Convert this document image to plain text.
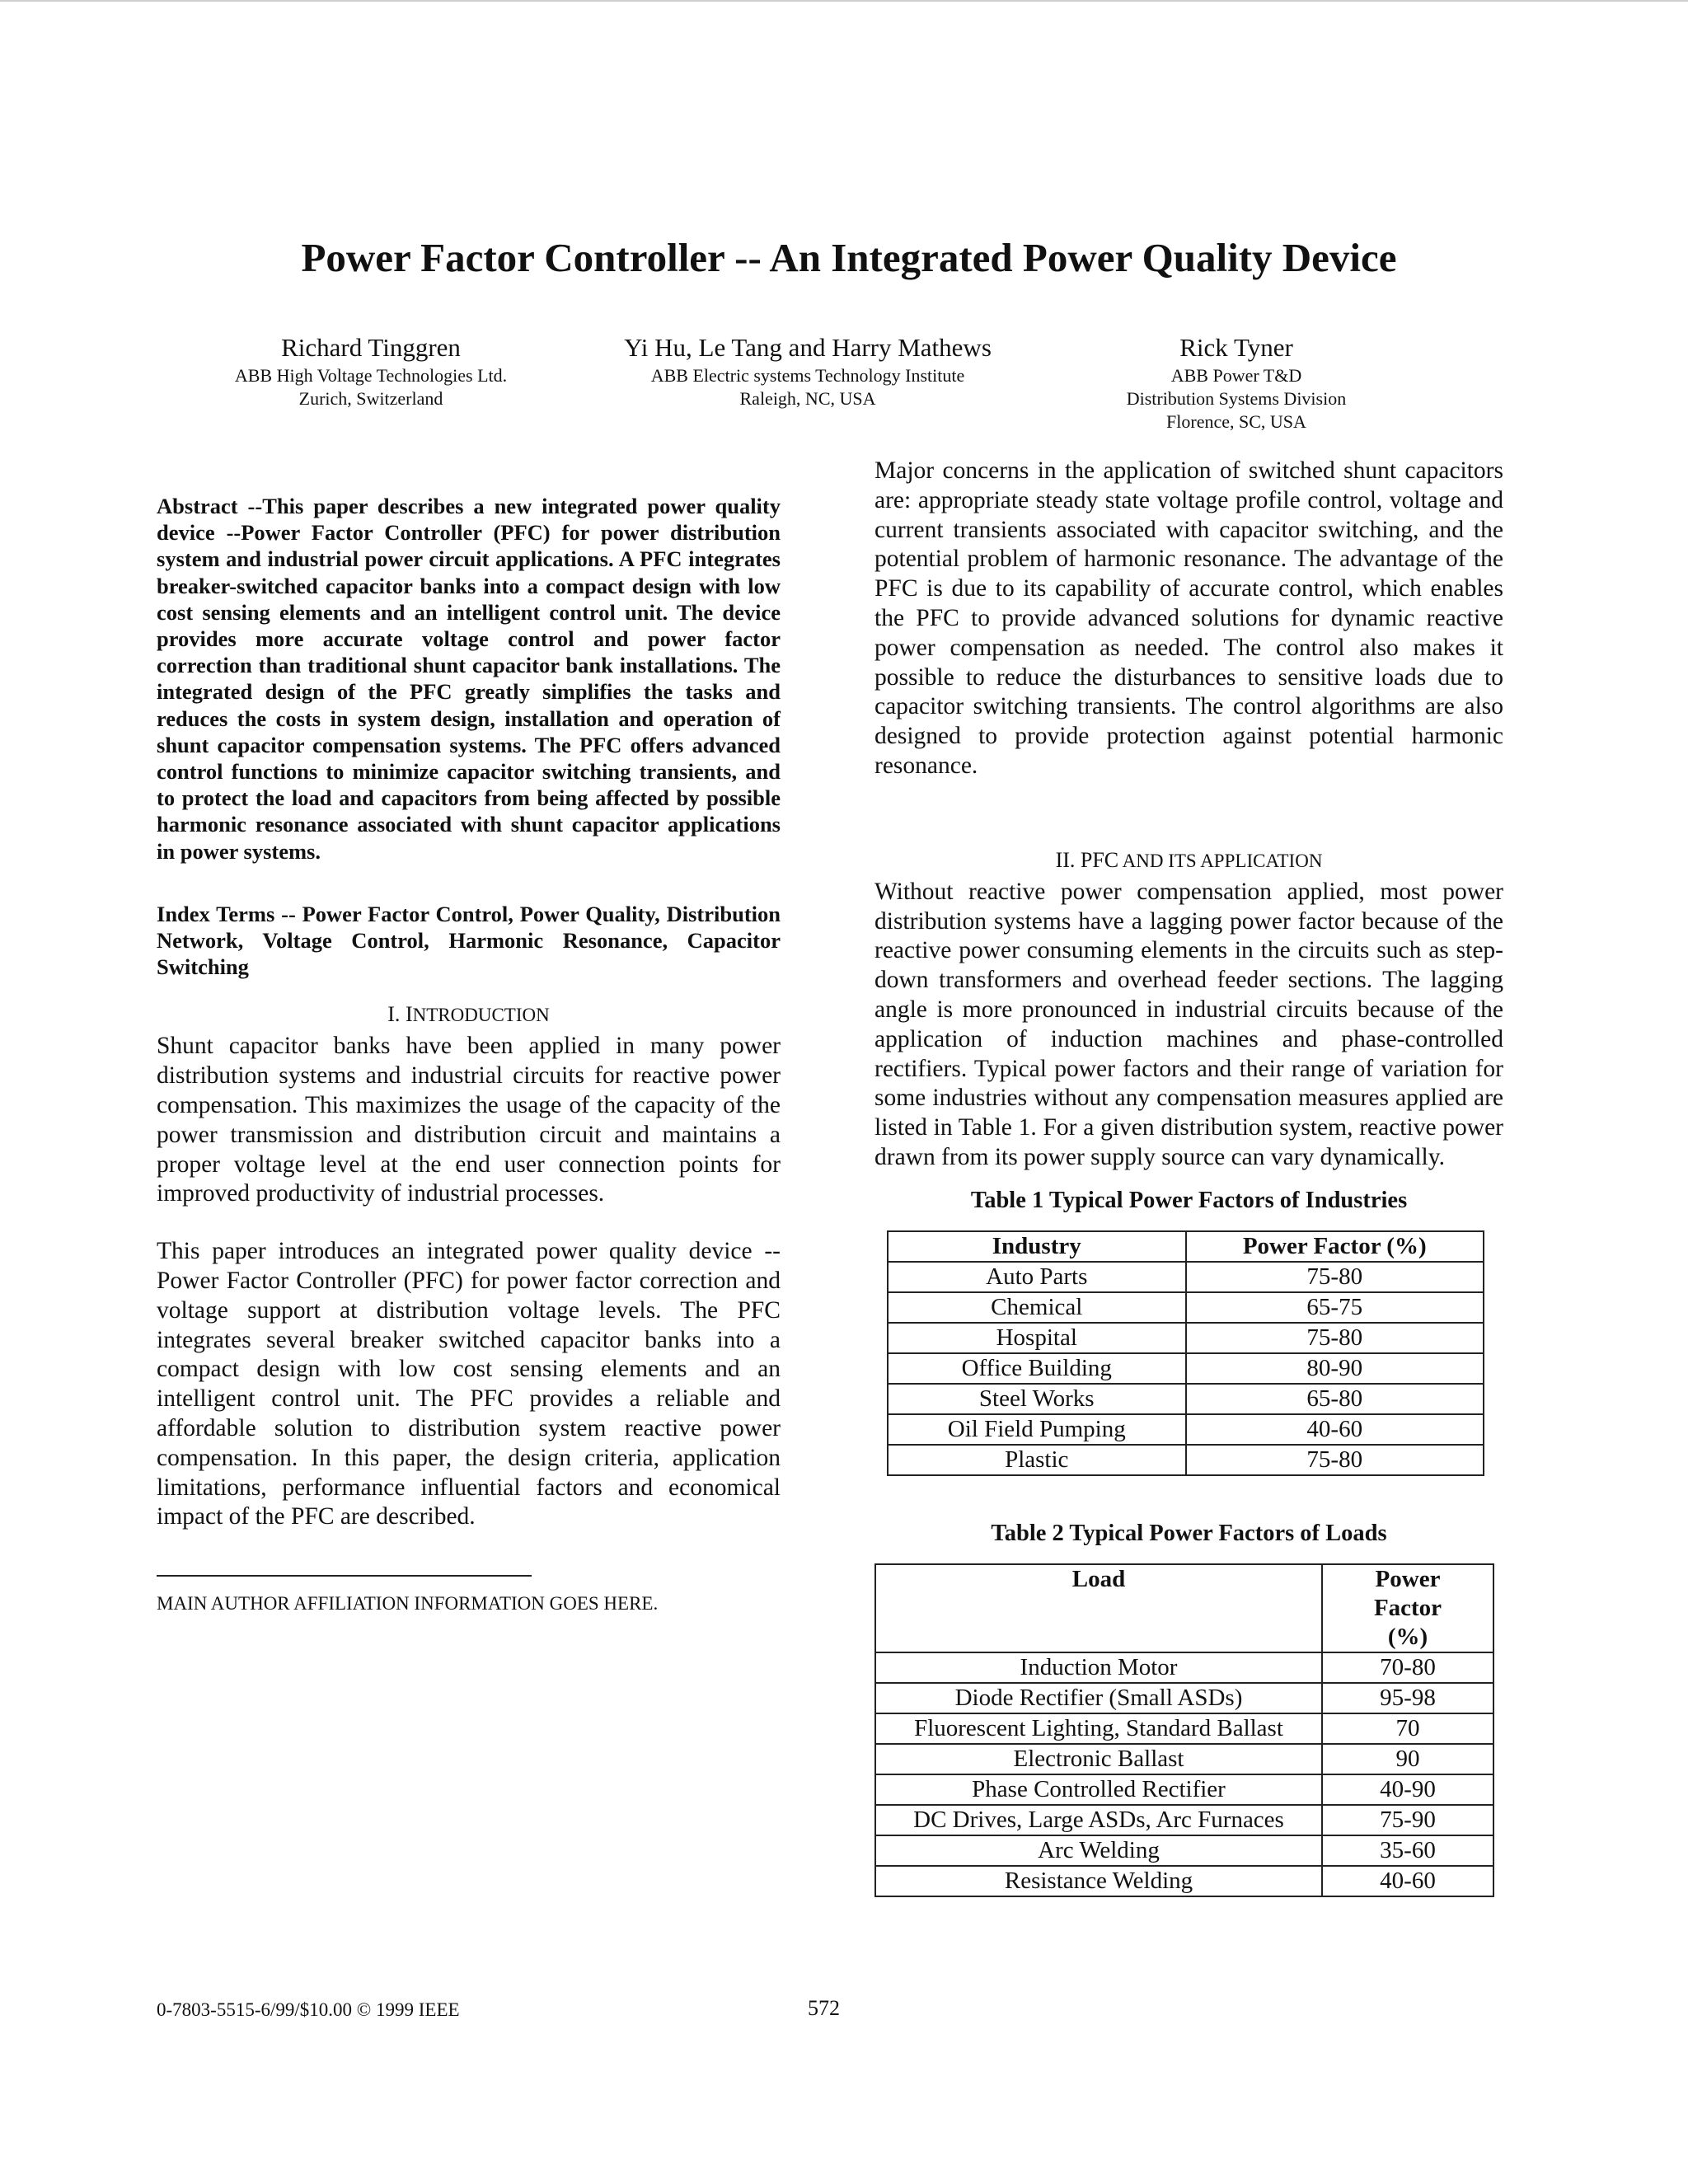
Power Factor Controller -- An Integrated Power Quality Device
Richard Tinggren
ABB High Voltage Technologies Ltd.
Zurich, Switzerland
Yi Hu, Le Tang and Harry Mathews
ABB Electric systems Technology Institute
Raleigh, NC, USA
Rick Tyner
ABB Power T&D
Distribution Systems Division
Florence, SC, USA

Abstract --This paper describes a new integrated power quality device --Power Factor Controller (PFC) for power distribution system and industrial power circuit applications. A PFC integrates breaker-switched capacitor banks into a compact design with low cost sensing elements and an intelligent control unit. The device provides more accurate voltage control and power factor correction than traditional shunt capacitor bank installations. The integrated design of the PFC greatly simplifies the tasks and reduces the costs in system design, installation and operation of shunt capacitor compensation systems. The PFC offers advanced control functions to minimize capacitor switching transients, and to protect the load and capacitors from being affected by possible harmonic resonance associated with shunt capacitor applications in power systems.

Index Terms -- Power Factor Control, Power Quality, Distribution Network, Voltage Control, Harmonic Resonance, Capacitor Switching

I. INTRODUCTION

Shunt capacitor banks have been applied in many power distribution systems and industrial circuits for reactive power compensation. This maximizes the usage of the capacity of the power transmission and distribution circuit and maintains a proper voltage level at the end user connection points for improved productivity of industrial processes.

This paper introduces an integrated power quality device -- Power Factor Controller (PFC) for power factor correction and voltage support at distribution voltage levels. The PFC integrates several breaker switched capacitor banks into a compact design with low cost sensing elements and an intelligent control unit. The PFC provides a reliable and affordable solution to distribution system reactive power compensation. In this paper, the design criteria, application limitations, performance influential factors and economical impact of the PFC are described.

MAIN AUTHOR AFFILIATION INFORMATION GOES HERE.

Major concerns in the application of switched shunt capacitors are: appropriate steady state voltage profile control, voltage and current transients associated with capacitor switching, and the potential problem of harmonic resonance. The advantage of the PFC is due to its capability of accurate control, which enables the PFC to provide advanced solutions for dynamic reactive power compensation as needed. The control also makes it possible to reduce the disturbances to sensitive loads due to capacitor switching transients. The control algorithms are also designed to provide protection against potential harmonic resonance.

II. PFC AND ITS APPLICATION

Without reactive power compensation applied, most power distribution systems have a lagging power factor because of the reactive power consuming elements in the circuits such as step-down transformers and overhead feeder sections. The lagging angle is more pronounced in industrial circuits because of the application of induction machines and phase-controlled rectifiers. Typical power factors and their range of variation for some industries without any compensation measures applied are listed in Table 1. For a given distribution system, reactive power drawn from its power supply source can vary dynamically.

Table 1 Typical Power Factors of Industries

Industry	Power Factor (%)
Auto Parts	75-80
Chemical	65-75
Hospital	75-80
Office Building	80-90
Steel Works	65-80
Oil Field Pumping	40-60
Plastic	75-80

Table 2 Typical Power Factors of Loads

Load	Power
Factor
(%)

Induction Motor	70-80
Diode Rectifier (Small ASDs)	95-98
Fluorescent Lighting, Standard Ballast	70
Electronic Ballast	90
Phase Controlled Rectifier	40-90
DC Drives, Large ASDs, Arc Furnaces	75-90
Arc Welding	35-60
Resistance Welding	40-60
0-7803-5515-6/99/$10.00 © 1999 IEEE	572
